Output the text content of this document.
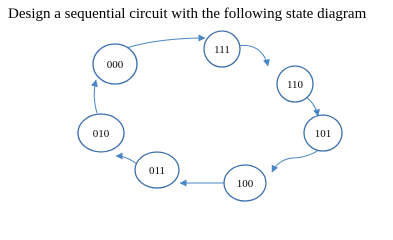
Design a sequential circuit with the following state diagram
111
110
101
100
011
010
000
